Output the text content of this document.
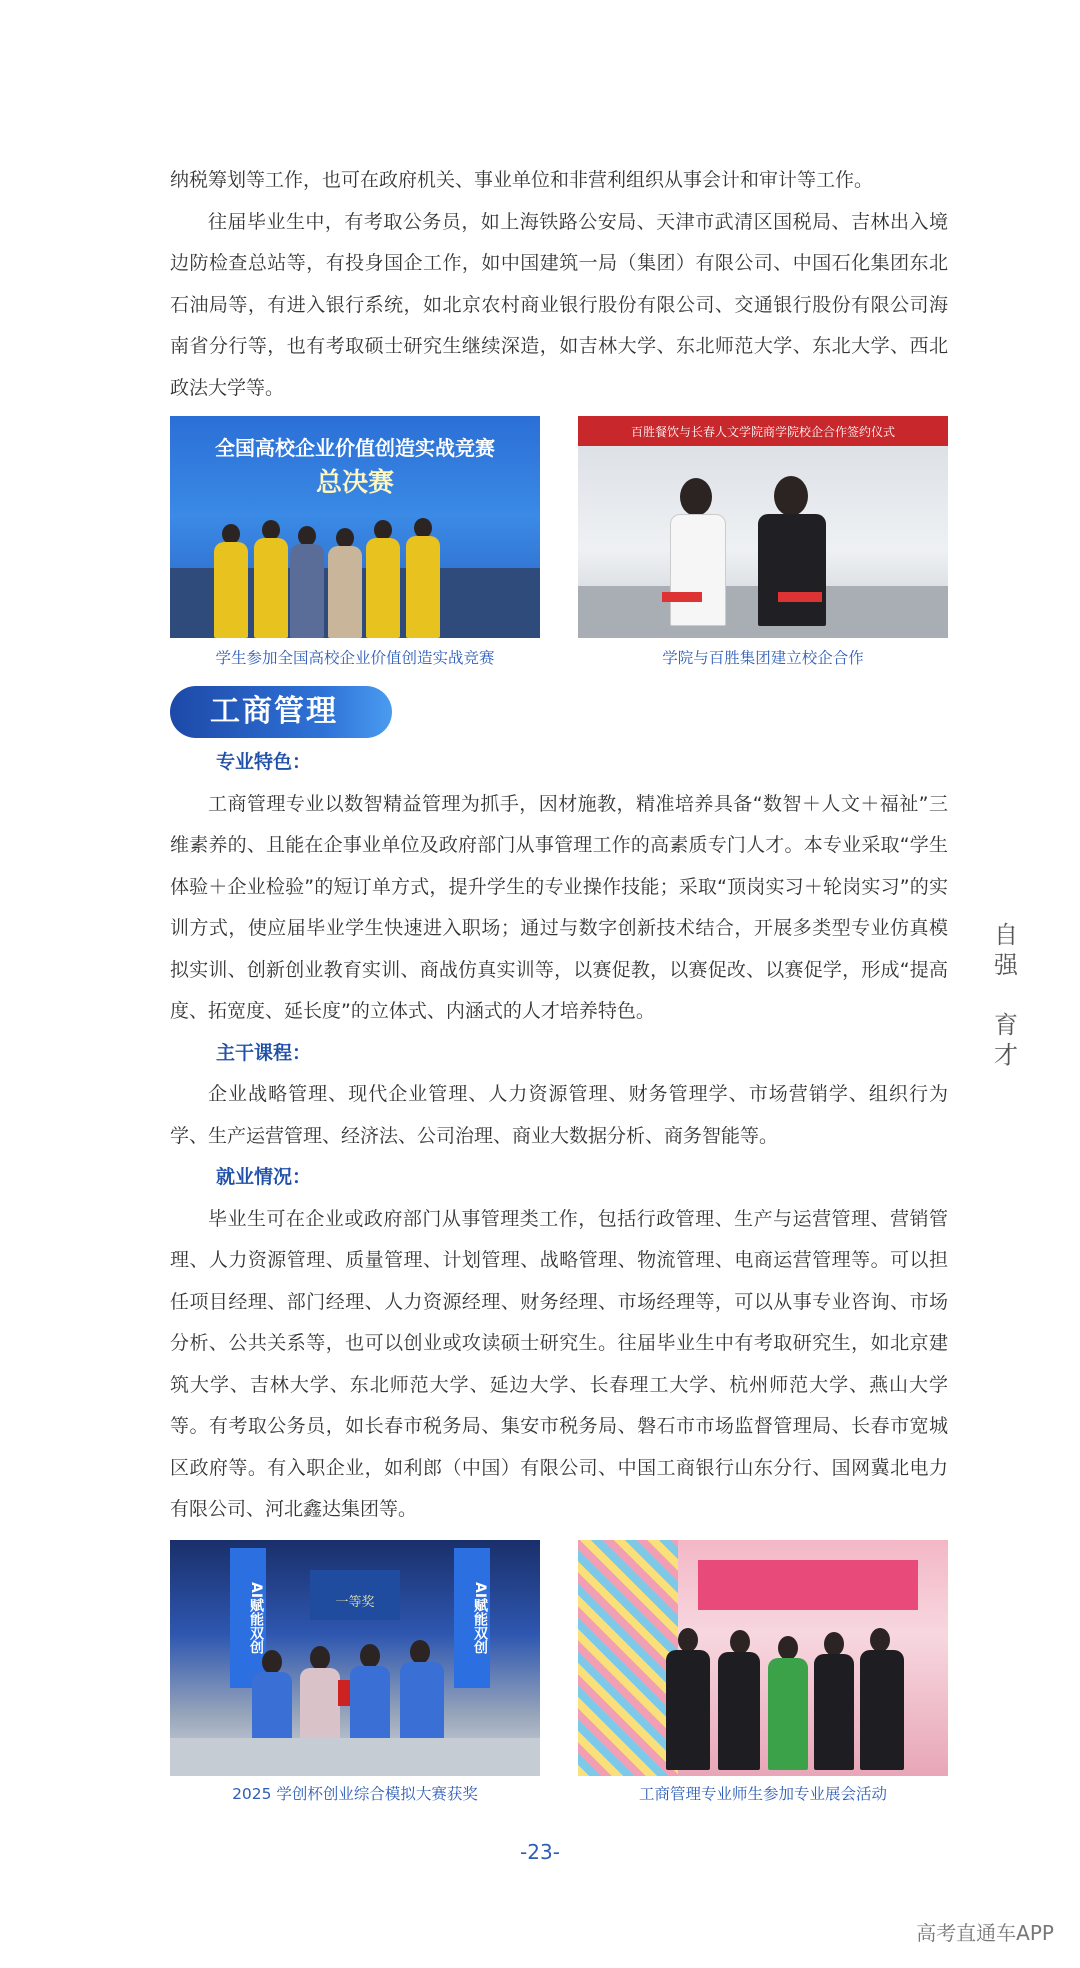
纳税筹划等工作，也可在政府机关、事业单位和非营利组织从事会计和审计等工作。

往届毕业生中，有考取公务员，如上海铁路公安局、天津市武清区国税局、吉林出入境边防检查总站等，有投身国企工作，如中国建筑一局（集团）有限公司、中国石化集团东北石油局等，有进入银行系统，如北京农村商业银行股份有限公司、交通银行股份有限公司海南省分行等，也有考取硕士研究生继续深造，如吉林大学、东北师范大学、东北大学、西北政法大学等。

全国高校企业价值创造实战竞赛
总决赛
学生参加全国高校企业价值创造实战竞赛
百胜餐饮与长春人文学院商学院校企合作签约仪式
学院与百胜集团建立校企合作
工商管理

专业特色：

工商管理专业以数智精益管理为抓手，因材施教，精准培养具备“数智＋人文＋福祉”三维素养的、且能在企事业单位及政府部门从事管理工作的高素质专门人才。本专业采取“学生体验＋企业检验”的短订单方式，提升学生的专业操作技能；采取“顶岗实习＋轮岗实习”的实训方式，使应届毕业学生快速进入职场；通过与数字创新技术结合，开展多类型专业仿真模拟实训、创新创业教育实训、商战仿真实训等，以赛促教，以赛促改、以赛促学，形成“提高度、拓宽度、延长度”的立体式、内涵式的人才培养特色。

主干课程：

企业战略管理、现代企业管理、人力资源管理、财务管理学、市场营销学、组织行为学、生产运营管理、经济法、公司治理、商业大数据分析、商务智能等。

就业情况：

毕业生可在企业或政府部门从事管理类工作，包括行政管理、生产与运营管理、营销管理、人力资源管理、质量管理、计划管理、战略管理、物流管理、电商运营管理等。可以担任项目经理、部门经理、人力资源经理、财务经理、市场经理等，可以从事专业咨询、市场分析、公共关系等，也可以创业或攻读硕士研究生。往届毕业生中有考取研究生，如北京建筑大学、吉林大学、东北师范大学、延边大学、长春理工大学、杭州师范大学、燕山大学等。有考取公务员，如长春市税务局、集安市税务局、磐石市市场监督管理局、长春市宽城区政府等。有入职企业，如利郎（中国）有限公司、中国工商银行山东分行、国网冀北电力有限公司、河北鑫达集团等。

自
强
育
才
AI赋能双创	AI赋能双创
一等奖
2025 学创杯创业综合模拟大赛获奖	工商管理专业师生参加专业展会活动
-23-
高考直通车APP
